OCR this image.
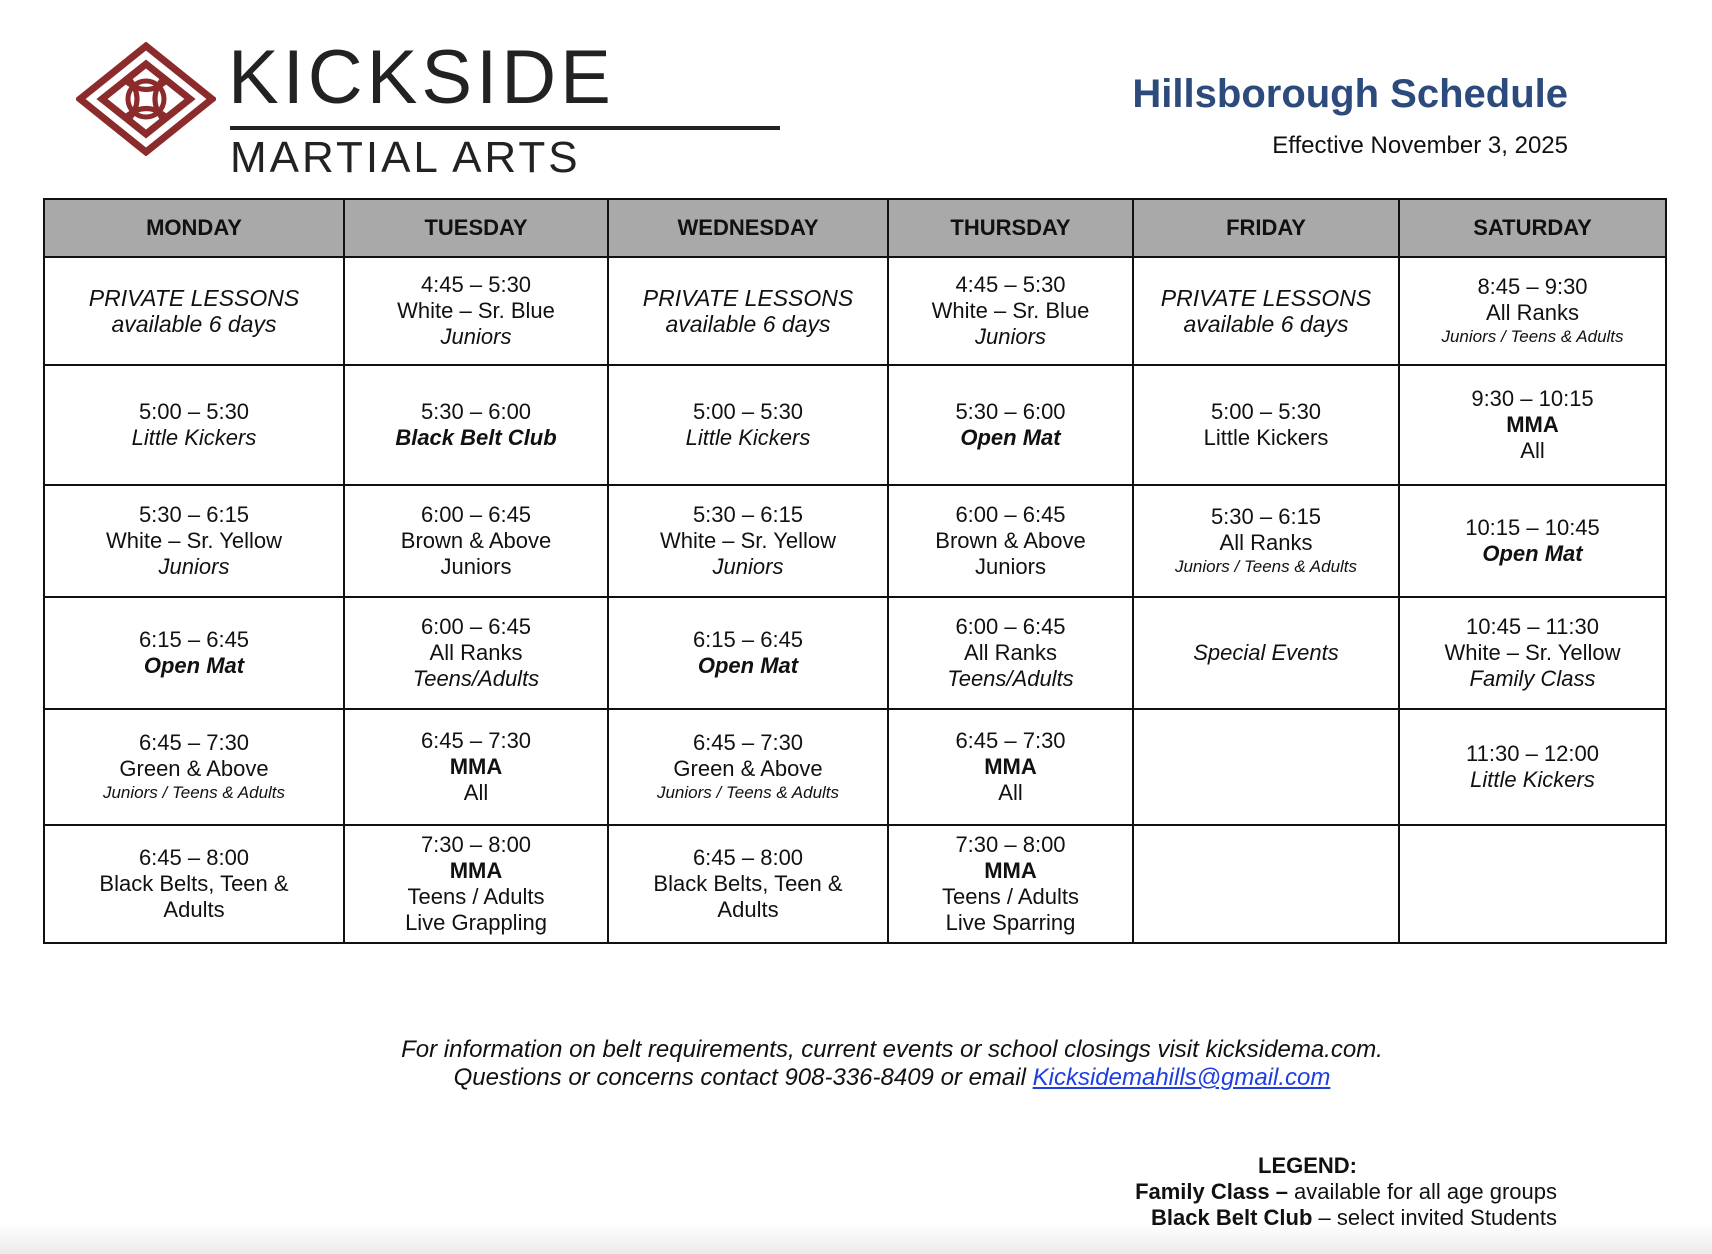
KICKSIDE
MARTIAL ARTS
Hillsborough Schedule
Effective November 3, 2025
MONDAY	TUESDAY	WEDNESDAY	THURSDAY	FRIDAY	SATURDAY

PRIVATE LESSONS
available 6 days	4:45 – 5:30
White – Sr. Blue
Juniors	PRIVATE LESSONS
available 6 days	4:45 – 5:30
White – Sr. Blue
Juniors	PRIVATE LESSONS
available 6 days	8:45 – 9:30
All Ranks
Juniors / Teens & Adults

5:00 – 5:30
Little Kickers	5:30 – 6:00
Black Belt Club	5:00 – 5:30
Little Kickers	5:30 – 6:00
Open Mat	5:00 – 5:30
Little Kickers	9:30 – 10:15
MMA
All

5:30 – 6:15
White – Sr. Yellow
Juniors	6:00 – 6:45
Brown & Above
Juniors	5:30 – 6:15
White – Sr. Yellow
Juniors	6:00 – 6:45
Brown & Above
Juniors	5:30 – 6:15
All Ranks
Juniors / Teens & Adults	10:15 – 10:45
Open Mat

6:15 – 6:45
Open Mat	6:00 – 6:45
All Ranks
Teens/Adults	6:15 – 6:45
Open Mat	6:00 – 6:45
All Ranks
Teens/Adults	Special Events	10:45 – 11:30
White – Sr. Yellow
Family Class

6:45 – 7:30
Green & Above
Juniors / Teens & Adults	6:45 – 7:30
MMA
All	6:45 – 7:30
Green & Above
Juniors / Teens & Adults	6:45 – 7:30
MMA
All		11:30 – 12:00
Little Kickers

6:45 – 8:00
Black Belts, Teen &
Adults	7:30 – 8:00
MMA
Teens / Adults
Live Grappling	6:45 – 8:00
Black Belts, Teen &
Adults	7:30 – 8:00
MMA
Teens / Adults
Live Sparring		

For information on belt requirements, current events or school closings visit kicksidema.com.
Questions or concerns contact 908-336-8409 or email Kicksidemahills@gmail.com
LEGEND:
Family Class – available for all age groups
Black Belt Club – select invited Students
